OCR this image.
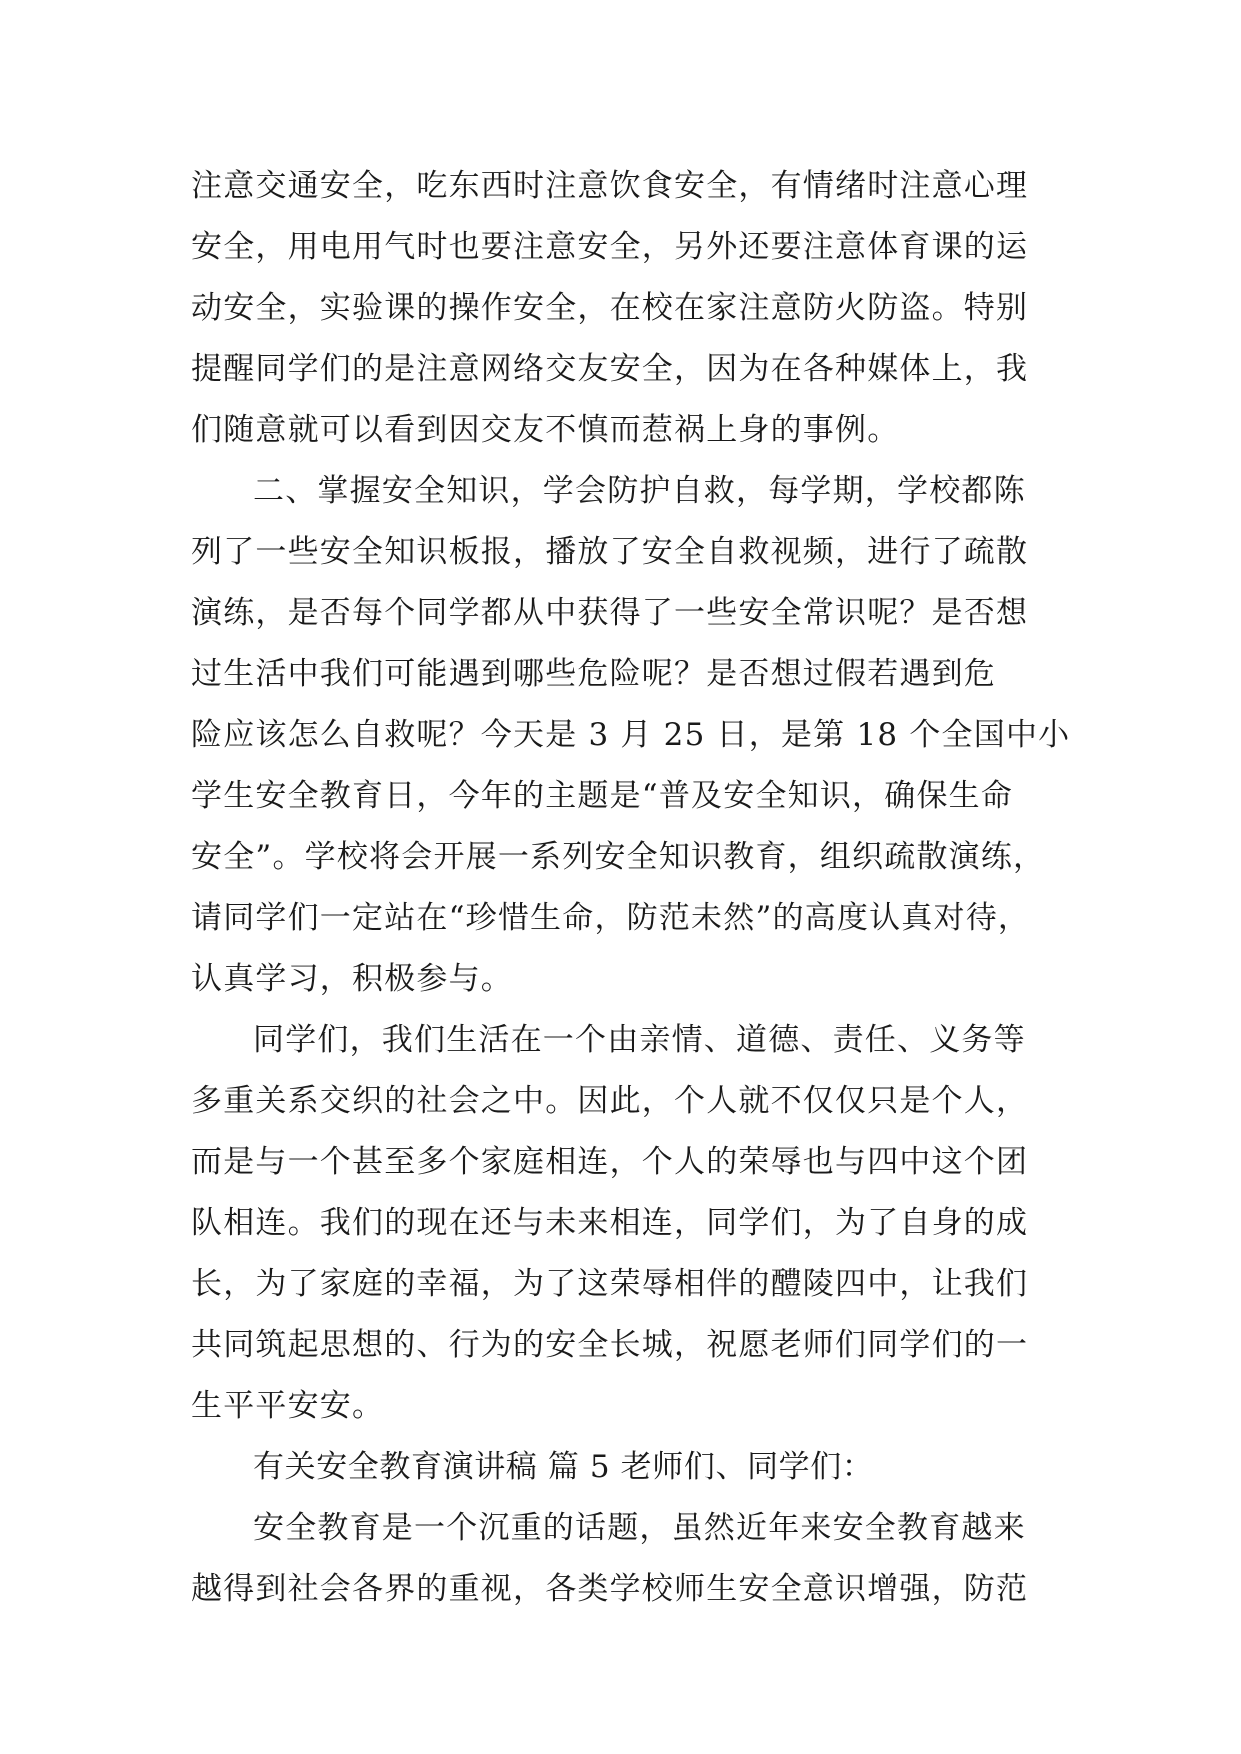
注意交通安全，吃东西时注意饮食安全，有情绪时注意心理
安全，用电用气时也要注意安全，另外还要注意体育课的运
动安全，实验课的操作安全，在校在家注意防火防盗。特别
提醒同学们的是注意网络交友安全，因为在各种媒体上，我
们随意就可以看到因交友不慎而惹祸上身的事例。

二、掌握安全知识，学会防护自救，每学期，学校都陈
列了一些安全知识板报，播放了安全自救视频，进行了疏散
演练，是否每个同学都从中获得了一些安全常识呢？是否想
过生活中我们可能遇到哪些危险呢？是否想过假若遇到危
险应该怎么自救呢？今天是 3 月 25 日，是第 18 个全国中小
学生安全教育日，今年的主题是“普及安全知识，确保生命
安全”。学校将会开展一系列安全知识教育，组织疏散演练，
请同学们一定站在“珍惜生命，防范未然”的高度认真对待，
认真学习，积极参与。

同学们，我们生活在一个由亲情、道德、责任、义务等
多重关系交织的社会之中。因此，个人就不仅仅只是个人，
而是与一个甚至多个家庭相连，个人的荣辱也与四中这个团
队相连。我们的现在还与未来相连，同学们，为了自身的成
长，为了家庭的幸福，为了这荣辱相伴的醴陵四中，让我们
共同筑起思想的、行为的安全长城，祝愿老师们同学们的一
生平平安安。

有关安全教育演讲稿 篇 5 老师们、同学们：

安全教育是一个沉重的话题，虽然近年来安全教育越来
越得到社会各界的重视，各类学校师生安全意识增强，防范
